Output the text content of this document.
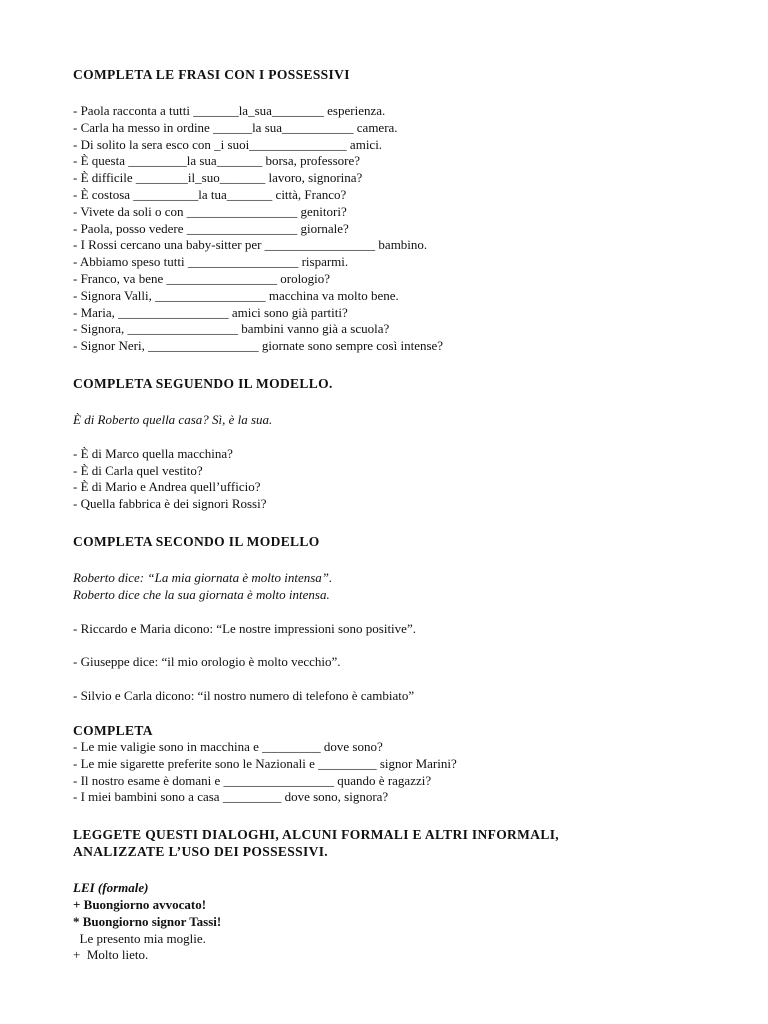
COMPLETA LE FRASI CON I POSSESSIVI

- Paola racconta a tutti _______la_sua________ esperienza.

- Carla ha messo in ordine ______la sua___________ camera.

- Di solito la sera esco con _i suoi_______________ amici.

- È questa _________la sua_______ borsa, professore?

- È difficile ________il_suo_______ lavoro, signorina?

- È costosa __________la tua_______ città, Franco?

- Vivete da soli o con _________________ genitori?

- Paola, posso vedere _________________ giornale?

- I Rossi cercano una baby-sitter per _________________ bambino.

- Abbiamo speso tutti _________________ risparmi.

- Franco, va bene _________________ orologio?

- Signora Valli, _________________ macchina va molto bene.

- Maria, _________________ amici sono già partiti?

- Signora, _________________ bambini vanno già a scuola?

- Signor Neri, _________________ giornate sono sempre così intense?

COMPLETA SEGUENDO IL MODELLO.

È di Roberto quella casa? Sì, è la sua.

- È di Marco quella macchina?

- È di Carla quel vestito?

- È di Mario e Andrea quell’ufficio?

- Quella fabbrica è dei signori Rossi?

COMPLETA SECONDO IL MODELLO

Roberto dice: “La mia giornata è molto intensa”.

Roberto dice che la sua giornata è molto intensa.

- Riccardo e Maria dicono: “Le nostre impressioni sono positive”.

- Giuseppe dice: “il mio orologio è molto vecchio”.

- Silvio e Carla dicono: “il nostro numero di telefono è cambiato”

COMPLETA

- Le mie valigie sono in macchina e _________ dove sono?

- Le mie sigarette preferite sono le Nazionali e _________ signor Marini?

- Il nostro esame è domani e _________________ quando è ragazzi?

- I miei bambini sono a casa _________ dove sono, signora?

LEGGETE QUESTI DIALOGHI, ALCUNI FORMALI E ALTRI INFORMALI,

ANALIZZATE L’USO DEI POSSESSIVI.

LEI (formale)

+ Buongiorno avvocato!

* Buongiorno signor Tassi!

Le presento mia moglie.

+  Molto lieto.
